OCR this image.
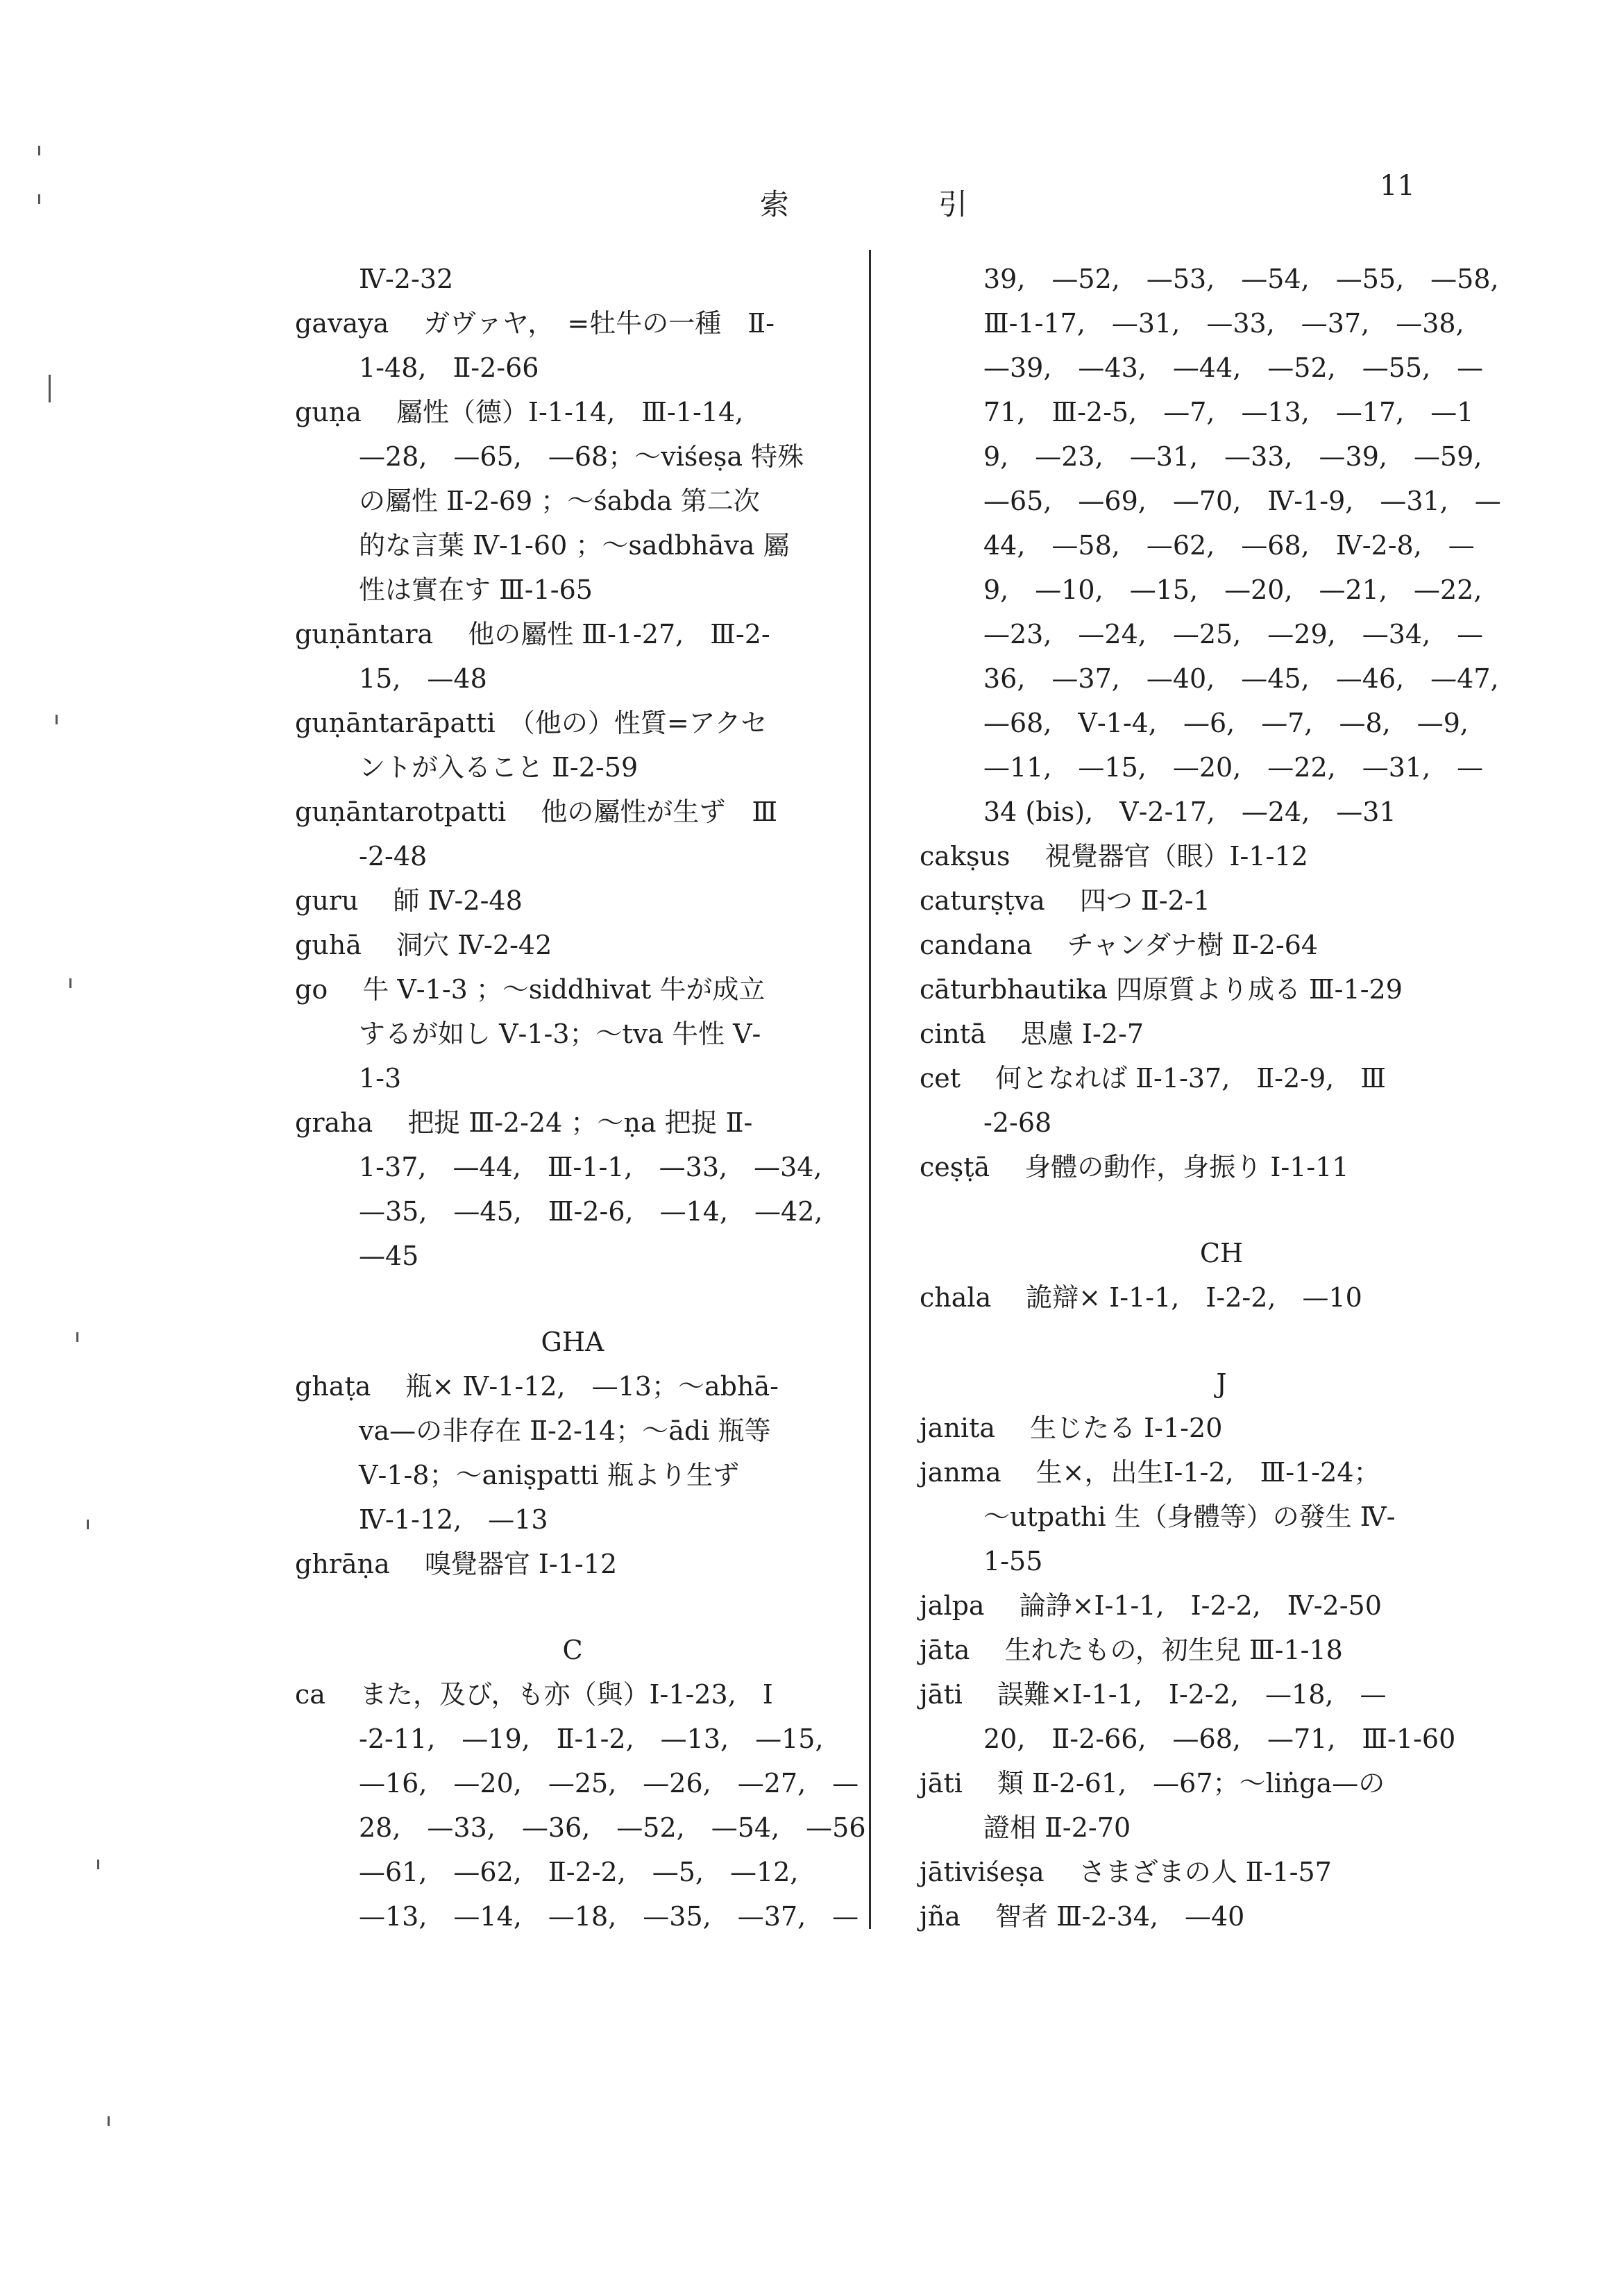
索	引
11
Ⅳ-2-32
gavaya　 ガヴァヤ，　=牡牛の一種　Ⅱ-
1-48,　Ⅱ-2-66
guṇa　 屬性（德）Ⅰ-1-14,　Ⅲ-1-14,
—28,　—65,　—68；～viśeṣa 特殊
の屬性 Ⅱ-2-69 ；～śabda 第二次
的な言葉 Ⅳ-1-60 ；～sadbhāva 屬
性は實在す Ⅲ-1-65
guṇāntara　 他の屬性 Ⅲ-1-27,　Ⅲ-2-
15,　—48
guṇāntarāpatti　（他の）性質=アクセ
ントが入ること Ⅱ-2-59
guṇāntarotpatti　 他の屬性が生ず　Ⅲ
-2-48
guru　 師 Ⅳ-2-48
guhā　 洞穴 Ⅳ-2-42
go　 牛 Ⅴ-1-3 ；～siddhivat 牛が成立
するが如し Ⅴ-1-3；～tva 牛性 Ⅴ-
1-3
graha　 把捉 Ⅲ-2-24 ；～ṇa 把捉 Ⅱ-
1-37,　—44,　Ⅲ-1-1,　—33,　—34,
—35,　—45,　Ⅲ-2-6,　—14,　—42,
—45
GHA
ghaṭa　 瓶× Ⅳ-1-12,　—13；～abhā-
va—の非存在 Ⅱ-2-14；～ādi 瓶等
Ⅴ-1-8；～aniṣpatti 瓶より生ず
Ⅳ-1-12,　—13
ghrāṇa　 嗅覺器官 Ⅰ-1-12
C
ca　 また，及び，も亦（與）Ⅰ-1-23,　Ⅰ
-2-11,　—19,　Ⅱ-1-2,　—13,　—15,
—16,　—20,　—25,　—26,　—27,　—
28,　—33,　—36,　—52,　—54,　—56
—61,　—62,　Ⅱ-2-2,　—5,　—12,
—13,　—14,　—18,　—35,　—37,　—
39,　—52,　—53,　—54,　—55,　—58,
Ⅲ-1-17,　—31,　—33,　—37,　—38,
—39,　—43,　—44,　—52,　—55,　—
71,　Ⅲ-2-5,　—7,　—13,　—17,　—1
9,　—23,　—31,　—33,　—39,　—59,
—65,　—69,　—70,　Ⅳ-1-9,　—31,　—
44,　—58,　—62,　—68,　Ⅳ-2-8,　—
9,　—10,　—15,　—20,　—21,　—22,
—23,　—24,　—25,　—29,　—34,　—
36,　—37,　—40,　—45,　—46,　—47,
—68,　Ⅴ-1-4,　—6,　—7,　—8,　—9,
—11,　—15,　—20,　—22,　—31,　—
34 (bis),　Ⅴ-2-17,　—24,　—31
cakṣus　 視覺器官（眼）Ⅰ-1-12
caturṣṭva　 四つ Ⅱ-2-1
candana　 チャンダナ樹 Ⅱ-2-64
cāturbhautika 四原質より成る Ⅲ-1-29
cintā　 思慮 Ⅰ-2-7
cet　 何となれば Ⅱ-1-37,　Ⅱ-2-9,　Ⅲ
-2-68
ceṣṭā　 身體の動作，身振り Ⅰ-1-11
CH
chala　 詭辯× Ⅰ-1-1,　Ⅰ-2-2,　—10
J
janita　 生じたる Ⅰ-1-20
janma　 生×，出生Ⅰ-1-2,　Ⅲ-1-24；
～utpathi 生（身體等）の發生 Ⅳ-
1-55
jalpa　 論諍×Ⅰ-1-1,　Ⅰ-2-2,　Ⅳ-2-50
jāta　 生れたもの，初生兒 Ⅲ-1-18
jāti　 誤難×Ⅰ-1-1,　Ⅰ-2-2,　—18,　—
20,　Ⅱ-2-66,　—68,　—71,　Ⅲ-1-60
jāti　 類 Ⅱ-2-61,　—67；～liṅga—の
證相 Ⅱ-2-70
jātiviśeṣa　 さまざまの人 Ⅱ-1-57
jña　 智者 Ⅲ-2-34,　—40
